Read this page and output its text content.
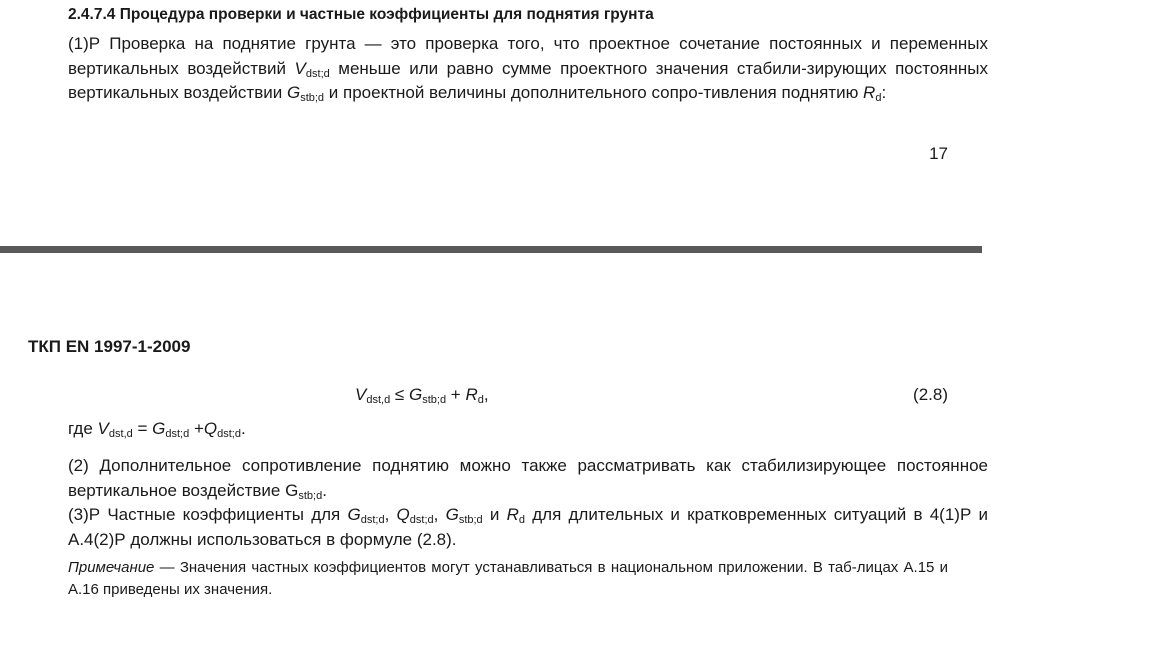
2.4.7.4 Процедура проверки и частные коэффициенты для поднятия грунта
(1)Р Проверка на поднятие грунта — это проверка того, что проектное сочетание постоянных и переменных вертикальных воздействий $V_{dst;d}$ меньше или равно сумме проектного значения стабили-зирующих постоянных вертикальных воздействии $G_{stb;d}$ и проектной величины дополнительного сопро-тивления поднятию $R_d$:
17
ТКП EN 1997-1-2009
$V_{dst,d} \le G_{stb;d} + R_d$,	(2.8)
где $V_{dst,d} = G_{dst;d} +Q_{dst;d}$.
(2) Дополнительное сопротивление поднятию можно также рассматривать как стабилизирующее постоянное вертикальное воздействие $G_{stb;d}$.
(3)Р Частные коэффициенты для $G_{dst;d}$, $Q_{dst;d}$, $G_{stb;d}$ и $R_d$ для длительных и кратковременных ситуаций в 4(1)Р и А.4(2)Р должны использоваться в формуле (2.8).
Примечание — Значения частных коэффициентов могут устанавливаться в национальном приложении. В таб-лицах А.15 и А.16 приведены их значения.
